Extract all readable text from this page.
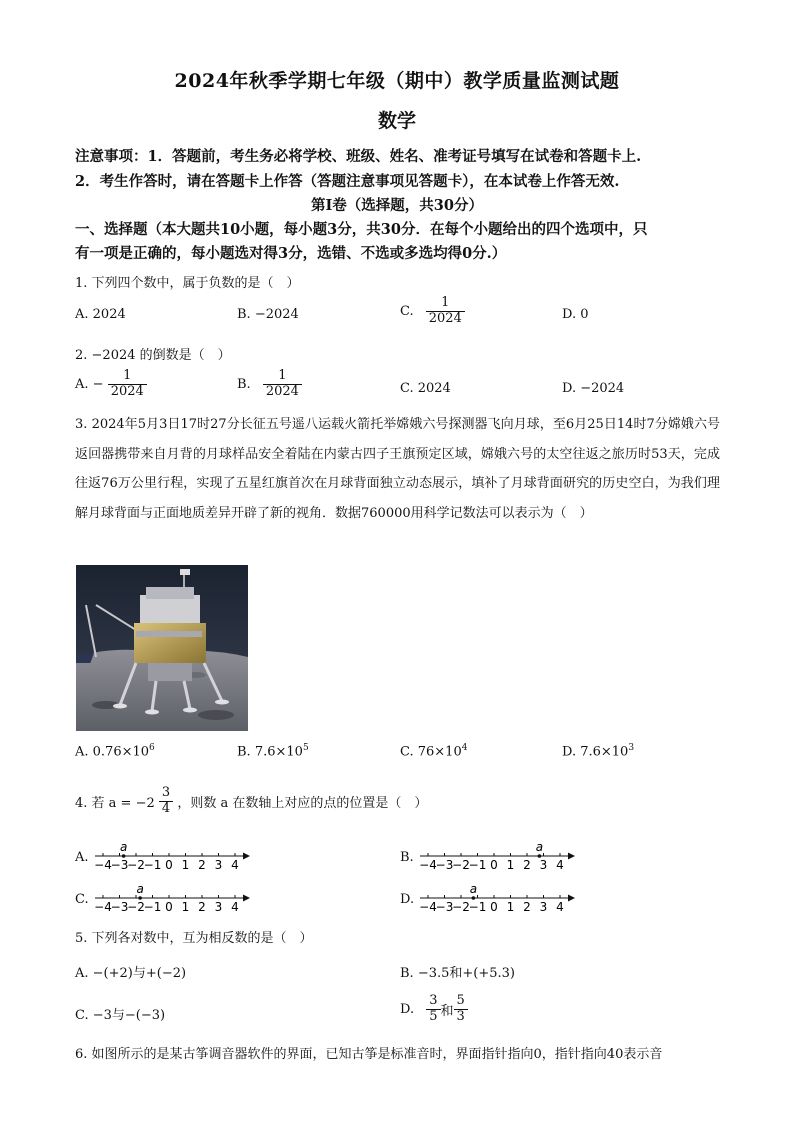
2024年秋季学期七年级（期中）教学质量监测试题
数学
注意事项：1．答题前，考生务必将学校、班级、姓名、准考证号填写在试卷和答题卡上.
2．考生作答时，请在答题卡上作答（答题注意事项见答题卡），在本试卷上作答无效.
第Ⅰ卷（选择题，共30分）
一、选择题（本大题共10小题，每小题3分，共30分．在每个小题给出的四个选项中，只
有一项是正确的，每小题选对得3分，选错、不选或多选均得0分.）
1. 下列四个数中，属于负数的是（　）
A. 2024	B. −2024	C. $\frac{1}{2024}$	D. 0
2. −2024 的倒数是（　）
A. − $\frac{1}{2024}$	B. $\frac{1}{2024}$	C. 2024	D. −2024
3. 2024年5月3日17时27分长征五号遥八运载火箭托举嫦娥六号探测器飞向月球，至6月25日14时7分嫦娥六号返回器携带来自月背的月球样品安全着陆在内蒙古四子王旗预定区域，嫦娥六号的太空往返之旅历时53天，完成往返76万公里行程，实现了五星红旗首次在月球背面独立动态展示，填补了月球背面研究的历史空白，为我们理解月球背面与正面地质差异开辟了新的视角．数据760000用科学记数法可以表示为（　）
A. $0.76\times 10^6$	B. $7.6\times 10^5$	C. $76\times 10^4$	D. $7.6\times 10^3$
4. 若 $a = -2 \frac{3}{4}$ ，则数 a 在数轴上对应的点的位置是（　）
A.	B.
C.	D.
−4
−3
−2
−1 0 1 2 3 4
a
−4
−3
−2
−1 0 1 2 3 4
a
−4
−3
−2
−1 0 1 2 3 4
a
−4
−3
−2
−1 0 1 2 3 4
a
5. 下列各对数中，互为相反数的是（　）
A. −(+2)与+(−2)	B. −3.5和+(+5.3)
C. −3与−(−3)	D. $\frac{3}{5}$ 和 $\frac{5}{3}$
6. 如图所示的是某古筝调音器软件的界面，已知古筝是标准音时，界面指针指向0，指针指向40表示音
